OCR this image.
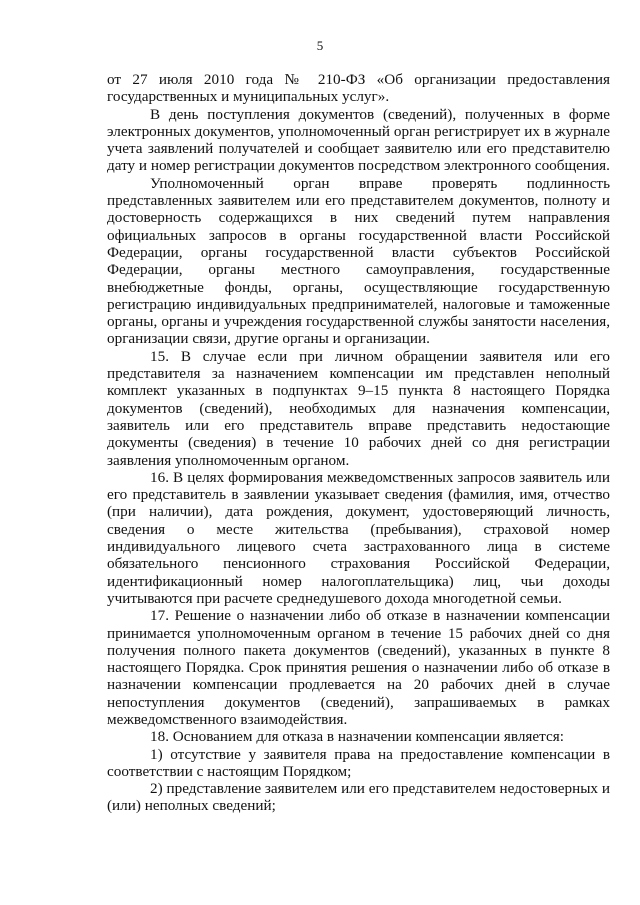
5

от 27 июля 2010 года № 210-ФЗ «Об организации предоставления государственных и муниципальных услуг».

В день поступления документов (сведений), полученных в форме электронных документов, уполномоченный орган регистрирует их в журнале учета заявлений получателей и сообщает заявителю или его представителю дату и номер регистрации документов посредством электронного сообщения.

Уполномоченный орган вправе проверять подлинность представленных заявителем или его представителем документов, полноту и достоверность содержащихся в них сведений путем направления официальных запросов в органы государственной власти Российской Федерации, органы государственной власти субъектов Российской Федерации, органы местного самоуправления, государственные внебюджетные фонды, органы, осуществляющие государственную регистрацию индивидуальных предпринимателей, налоговые и таможенные органы, органы и учреждения государственной службы занятости населения, организации связи, другие органы и организации.

15. В случае если при личном обращении заявителя или его представителя за назначением компенсации им представлен неполный комплект указанных в подпунктах 9–15 пункта 8 настоящего Порядка документов (сведений), необходимых для назначения компенсации, заявитель или его представитель вправе представить недостающие документы (сведения) в течение 10 рабочих дней со дня регистрации заявления уполномоченным органом.

16. В целях формирования межведомственных запросов заявитель или его представитель в заявлении указывает сведения (фамилия, имя, отчество (при наличии), дата рождения, документ, удостоверяющий личность, сведения о месте жительства (пребывания), страховой номер индивидуального лицевого счета застрахованного лица в системе обязательного пенсионного страхования Российской Федерации, идентификационный номер налогоплательщика) лиц, чьи доходы учитываются при расчете среднедушевого дохода многодетной семьи.

17. Решение о назначении либо об отказе в назначении компенсации принимается уполномоченным органом в течение 15 рабочих дней со дня получения полного пакета документов (сведений), указанных в пункте 8 настоящего Порядка. Срок принятия решения о назначении либо об отказе в назначении компенсации продлевается на 20 рабочих дней в случае непоступления документов (сведений), запрашиваемых в рамках межведомственного взаимодействия.

18. Основанием для отказа в назначении компенсации является:

1) отсутствие у заявителя права на предоставление компенсации в соответствии с настоящим Порядком;

2) представление заявителем или его представителем недостоверных и (или) неполных сведений;
